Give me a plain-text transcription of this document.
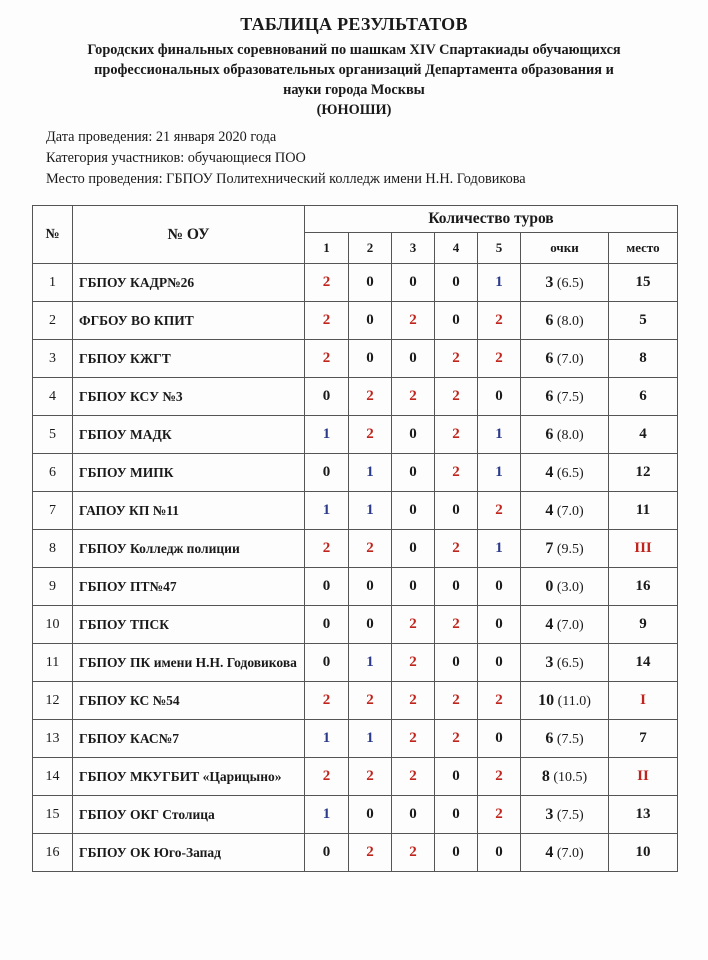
ТАБЛИЦА РЕЗУЛЬТАТОВ
Городских финальных соревнований по шашкам XIV Спартакиады обучающихся
профессиональных образовательных организаций Департамента образования и
науки города Москвы
(ЮНОШИ)
Дата проведения: 21 января 2020 года
Категория участников: обучающиеся ПОО
Место проведения: ГБПОУ Политехнический колледж имени Н.Н. Годовикова
№	№ ОУ	Количество туров						
		1	2	3	4	5	очки	место
1	ГБПОУ КАДР№26	2	0	0	0	1	3 (6.5)	15
2	ФГБОУ ВО КПИТ	2	0	2	0	2	6 (8.0)	5
3	ГБПОУ КЖГТ	2	0	0	2	2	6 (7.0)	8
4	ГБПОУ КСУ №3	0	2	2	2	0	6 (7.5)	6
5	ГБПОУ МАДК	1	2	0	2	1	6 (8.0)	4
6	ГБПОУ МИПК	0	1	0	2	1	4 (6.5)	12
7	ГАПОУ КП №11	1	1	0	0	2	4 (7.0)	11
8	ГБПОУ Колледж полиции	2	2	0	2	1	7 (9.5)	III
9	ГБПОУ ПТ№47	0	0	0	0	0	0 (3.0)	16
10	ГБПОУ ТПСК	0	0	2	2	0	4 (7.0)	9
11	ГБПОУ ПК имени Н.Н. Годовикова	0	1	2	0	0	3 (6.5)	14
12	ГБПОУ КС №54	2	2	2	2	2	10 (11.0)	I
13	ГБПОУ КАС№7	1	1	2	2	0	6 (7.5)	7
14	ГБПОУ МКУГБИТ «Царицыно»	2	2	2	0	2	8 (10.5)	II
15	ГБПОУ ОКГ Столица	1	0	0	0	2	3 (7.5)	13
16	ГБПОУ ОК Юго-Запад	0	2	2	0	0	4 (7.0)	10
